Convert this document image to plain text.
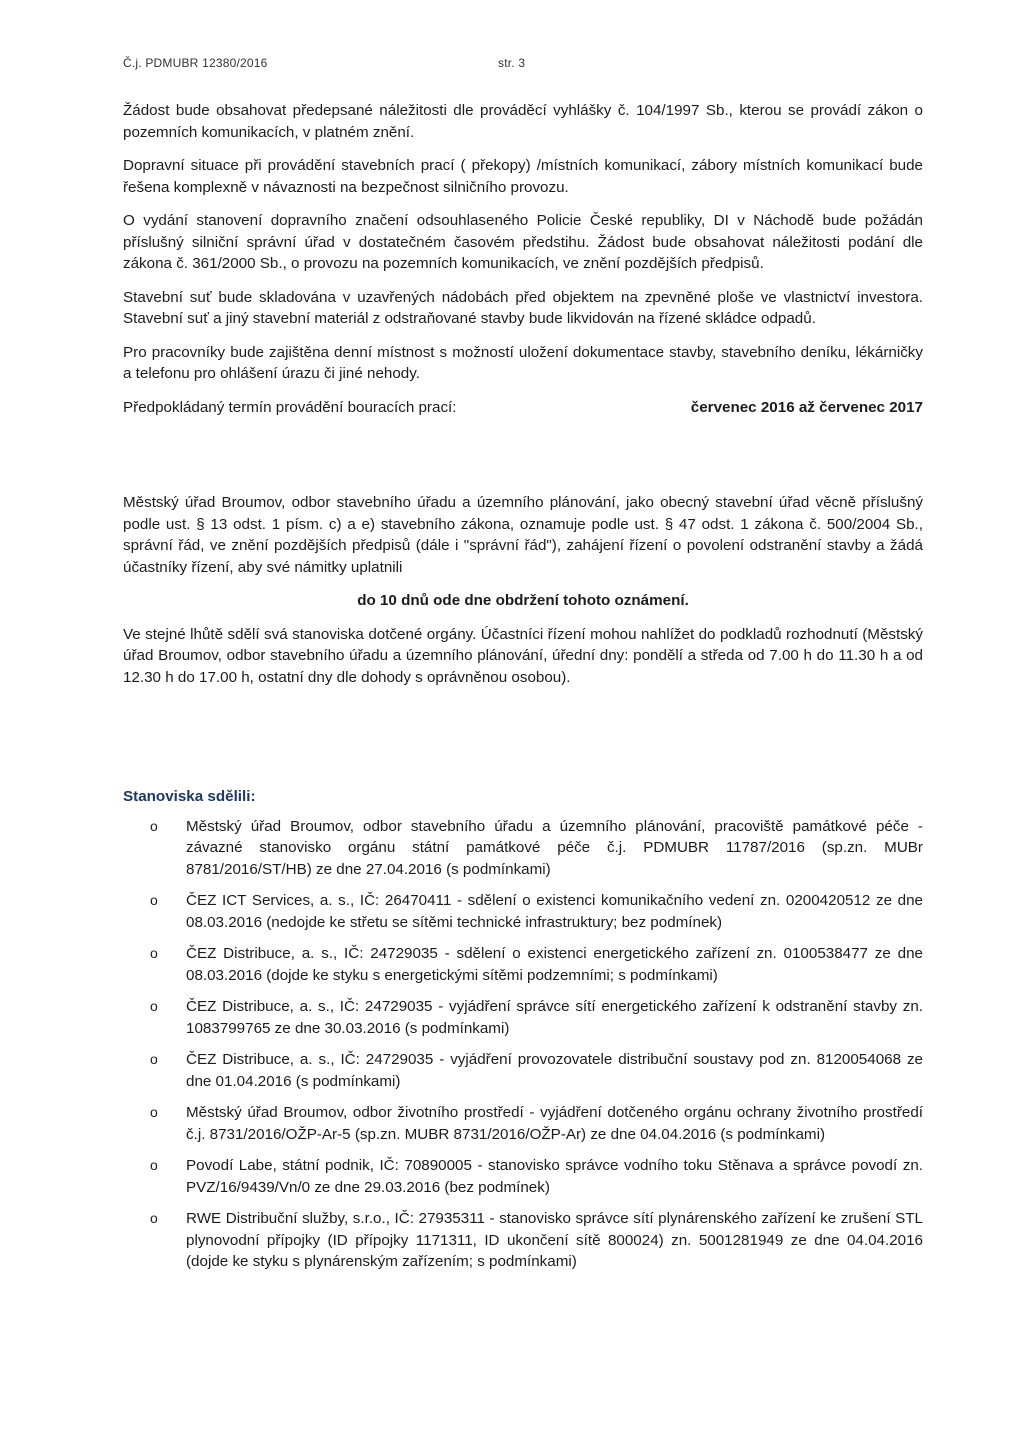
Č.j. PDMUBR 12380/2016	str. 3

Žádost bude obsahovat předepsané náležitosti dle prováděcí vyhlášky č. 104/1997 Sb., kterou se provádí zákon o pozemních komunikacích, v platném znění.

Dopravní situace při provádění stavebních prací ( překopy) /místních komunikací, zábory místních komunikací bude řešena komplexně v návaznosti na bezpečnost silničního provozu.

O vydání stanovení dopravního značení odsouhlaseného Policie České republiky, DI v Náchodě bude požádán příslušný silniční správní úřad v dostatečném časovém předstihu. Žádost bude obsahovat náležitosti podání dle zákona č. 361/2000 Sb., o provozu na pozemních komunikacích, ve znění pozdějších předpisů.

Stavební suť bude skladována v uzavřených nádobách před objektem na zpevněné ploše ve vlastnictví investora. Stavební suť a jiný stavební materiál z odstraňované stavby bude likvidován na řízené skládce odpadů.

Pro pracovníky bude zajištěna denní místnost s možností uložení dokumentace stavby, stavebního deníku, lékárničky a telefonu pro ohlášení úrazu či jiné nehody.

Předpokládaný termín provádění bouracích prací:	červenec 2016 až červenec 2017

Městský úřad Broumov, odbor stavebního úřadu a územního plánování, jako obecný stavební úřad věcně příslušný podle ust. § 13 odst. 1 písm. c) a e) stavebního zákona, oznamuje podle ust. § 47 odst. 1 zákona č. 500/2004 Sb., správní řád, ve znění pozdějších předpisů (dále i "správní řád"), zahájení řízení o povolení odstranění stavby a žádá účastníky řízení, aby své námitky uplatnili

do 10 dnů ode dne obdržení tohoto oznámení.

Ve stejné lhůtě sdělí svá stanoviska dotčené orgány. Účastníci řízení mohou nahlížet do podkladů rozhodnutí (Městský úřad Broumov, odbor stavebního úřadu a územního plánování, úřední dny: pondělí a středa od 7.00 h do 11.30 h a od 12.30 h do 17.00 h, ostatní dny dle dohody s oprávněnou osobou).

Stanoviska sdělili:
o Městský úřad Broumov, odbor stavebního úřadu a územního plánování, pracoviště památkové péče - závazné stanovisko orgánu státní památkové péče č.j. PDMUBR 11787/2016 (sp.zn. MUBr 8781/2016/ST/HB) ze dne 27.04.2016 (s podmínkami)
o ČEZ ICT Services, a. s., IČ: 26470411 - sdělení o existenci komunikačního vedení zn. 0200420512 ze dne 08.03.2016 (nedojde ke střetu se sítěmi technické infrastruktury; bez podmínek)
o ČEZ Distribuce, a. s., IČ: 24729035 - sdělení o existenci energetického zařízení zn. 0100538477 ze dne 08.03.2016 (dojde ke styku s energetickými sítěmi podzemními; s podmínkami)
o ČEZ Distribuce, a. s., IČ: 24729035 - vyjádření správce sítí energetického zařízení k odstranění stavby zn. 1083799765 ze dne 30.03.2016 (s podmínkami)
o ČEZ Distribuce, a. s., IČ: 24729035 - vyjádření provozovatele distribuční soustavy pod zn. 8120054068 ze dne 01.04.2016 (s podmínkami)
o Městský úřad Broumov, odbor životního prostředí - vyjádření dotčeného orgánu ochrany životního prostředí č.j. 8731/2016/OŽP-Ar-5 (sp.zn. MUBR 8731/2016/OŽP-Ar) ze dne 04.04.2016 (s podmínkami)
o Povodí Labe, státní podnik, IČ: 70890005 - stanovisko správce vodního toku Stěnava a správce povodí zn. PVZ/16/9439/Vn/0 ze dne 29.03.2016 (bez podmínek)
o RWE Distribuční služby, s.r.o., IČ: 27935311 - stanovisko správce sítí plynárenského zařízení ke zrušení STL plynovodní přípojky (ID přípojky 1171311, ID ukončení sítě 800024) zn. 5001281949 ze dne 04.04.2016 (dojde ke styku s plynárenským zařízením; s podmínkami)
